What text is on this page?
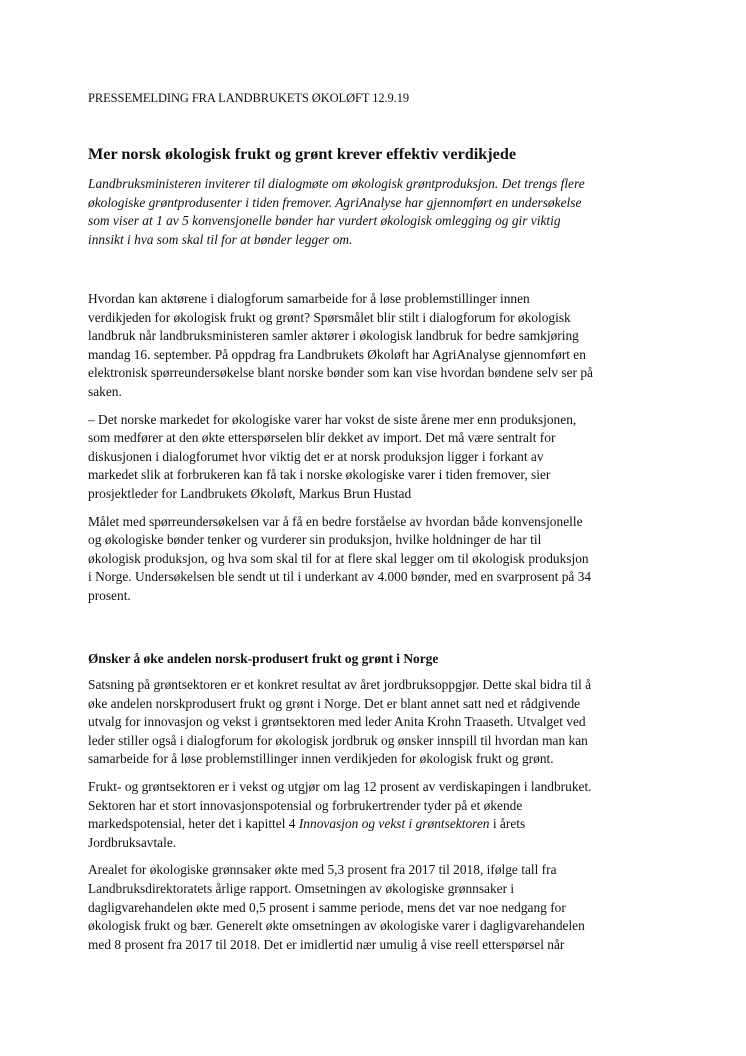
PRESSEMELDING FRA LANDBRUKETS ØKOLØFT 12.9.19
Mer norsk økologisk frukt og grønt krever effektiv verdikjede
Landbruksministeren inviterer til dialogmøte om økologisk grøntproduksjon. Det trengs flere
økologiske grøntprodusenter i tiden fremover. AgriAnalyse har gjennomført en undersøkelse
som viser at 1 av 5 konvensjonelle bønder har vurdert økologisk omlegging og gir viktig
innsikt i hva som skal til for at bønder legger om.

Hvordan kan aktørene i dialogforum samarbeide for å løse problemstillinger innen
verdikjeden for økologisk frukt og grønt? Spørsmålet blir stilt i dialogforum for økologisk
landbruk når landbruksministeren samler aktører i økologisk landbruk for bedre samkjøring
mandag 16. september. På oppdrag fra Landbrukets Økoløft har AgriAnalyse gjennomført en
elektronisk spørreundersøkelse blant norske bønder som kan vise hvordan bøndene selv ser på
saken.

– Det norske markedet for økologiske varer har vokst de siste årene mer enn produksjonen,
som medfører at den økte etterspørselen blir dekket av import. Det må være sentralt for
diskusjonen i dialogforumet hvor viktig det er at norsk produksjon ligger i forkant av
markedet slik at forbrukeren kan få tak i norske økologiske varer i tiden fremover, sier
prosjektleder for Landbrukets Økoløft, Markus Brun Hustad

Målet med spørreundersøkelsen var å få en bedre forståelse av hvordan både konvensjonelle
og økologiske bønder tenker og vurderer sin produksjon, hvilke holdninger de har til
økologisk produksjon, og hva som skal til for at flere skal legger om til økologisk produksjon
i Norge. Undersøkelsen ble sendt ut til i underkant av 4.000 bønder, med en svarprosent på 34
prosent.

Ønsker å øke andelen norsk-produsert frukt og grønt i Norge

Satsning på grøntsektoren er et konkret resultat av året jordbruksoppgjør. Dette skal bidra til å
øke andelen norskprodusert frukt og grønt i Norge. Det er blant annet satt ned et rådgivende
utvalg for innovasjon og vekst i grøntsektoren med leder Anita Krohn Traaseth. Utvalget ved
leder stiller også i dialogforum for økologisk jordbruk og ønsker innspill til hvordan man kan
samarbeide for å løse problemstillinger innen verdikjeden for økologisk frukt og grønt.

Frukt- og grøntsektoren er i vekst og utgjør om lag 12 prosent av verdiskapingen i landbruket.
Sektoren har et stort innovasjonspotensial og forbrukertrender tyder på et økende
markedspotensial, heter det i kapittel 4 Innovasjon og vekst i grøntsektoren i årets
Jordbruksavtale.

Arealet for økologiske grønnsaker økte med 5,3 prosent fra 2017 til 2018, ifølge tall fra
Landbruksdirektoratets årlige rapport. Omsetningen av økologiske grønnsaker i
dagligvarehandelen økte med 0,5 prosent i samme periode, mens det var noe nedgang for
økologisk frukt og bær. Generelt økte omsetningen av økologiske varer i dagligvarehandelen
med 8 prosent fra 2017 til 2018. Det er imidlertid nær umulig å vise reell etterspørsel når
